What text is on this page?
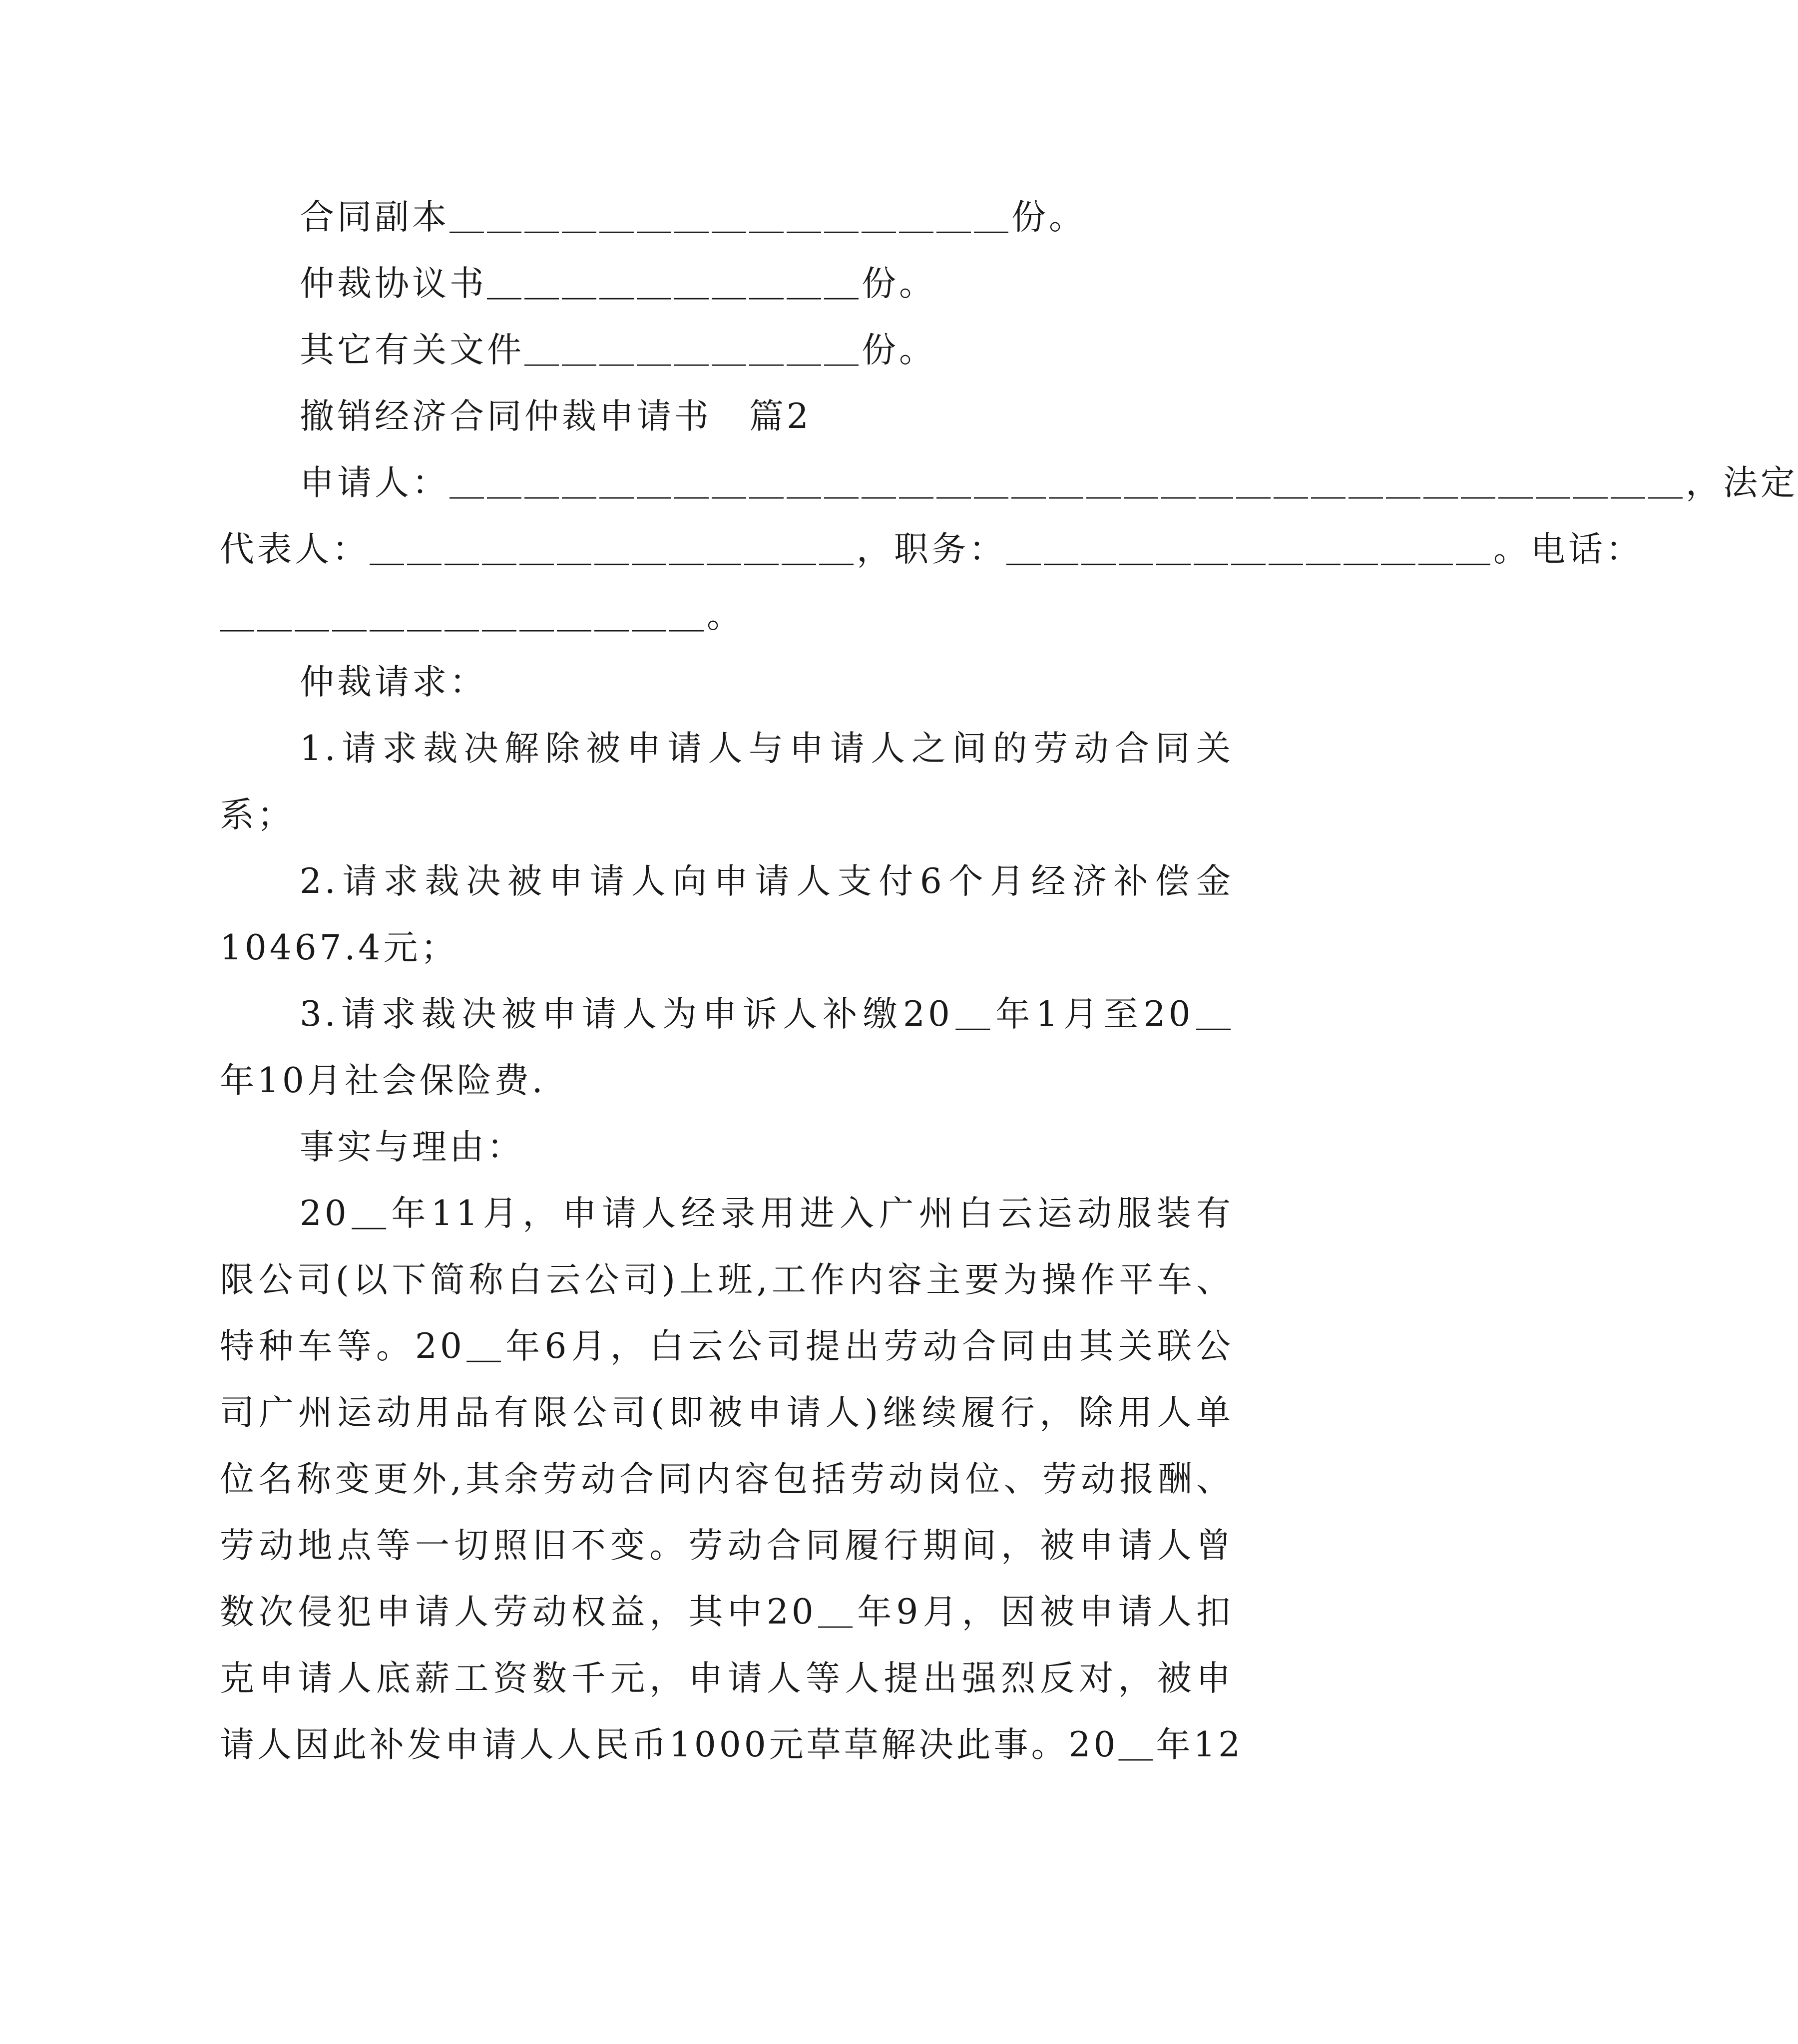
合同副本＿＿＿＿＿＿＿＿＿＿＿＿＿＿＿份。
仲裁协议书＿＿＿＿＿＿＿＿＿＿份。
其它有关文件＿＿＿＿＿＿＿＿＿份。
撤销经济合同仲裁申请书　篇2
申请人：＿＿＿＿＿＿＿＿＿＿＿＿＿＿＿＿＿＿＿＿＿＿＿＿＿＿＿＿＿＿＿＿＿，法定
代表人：＿＿＿＿＿＿＿＿＿＿＿＿＿，职务：＿＿＿＿＿＿＿＿＿＿＿＿＿。电话：
＿＿＿＿＿＿＿＿＿＿＿＿＿。
仲裁请求：
1.请求裁决解除被申请人与申请人之间的劳动合同关
系；
2.请求裁决被申请人向申请人支付6个月经济补偿金
10467.4元；
3.请求裁决被申请人为申诉人补缴20＿年1月至20＿
年10月社会保险费.
事实与理由：
20＿年11月，申请人经录用进入广州白云运动服装有
限公司(以下简称白云公司)上班,工作内容主要为操作平车、
特种车等。20＿年6月，白云公司提出劳动合同由其关联公
司广州运动用品有限公司(即被申请人)继续履行，除用人单
位名称变更外,其余劳动合同内容包括劳动岗位、劳动报酬、
劳动地点等一切照旧不变。劳动合同履行期间，被申请人曾
数次侵犯申请人劳动权益，其中20＿年9月，因被申请人扣
克申请人底薪工资数千元，申请人等人提出强烈反对，被申
请人因此补发申请人人民币1000元草草解决此事。20＿年12
